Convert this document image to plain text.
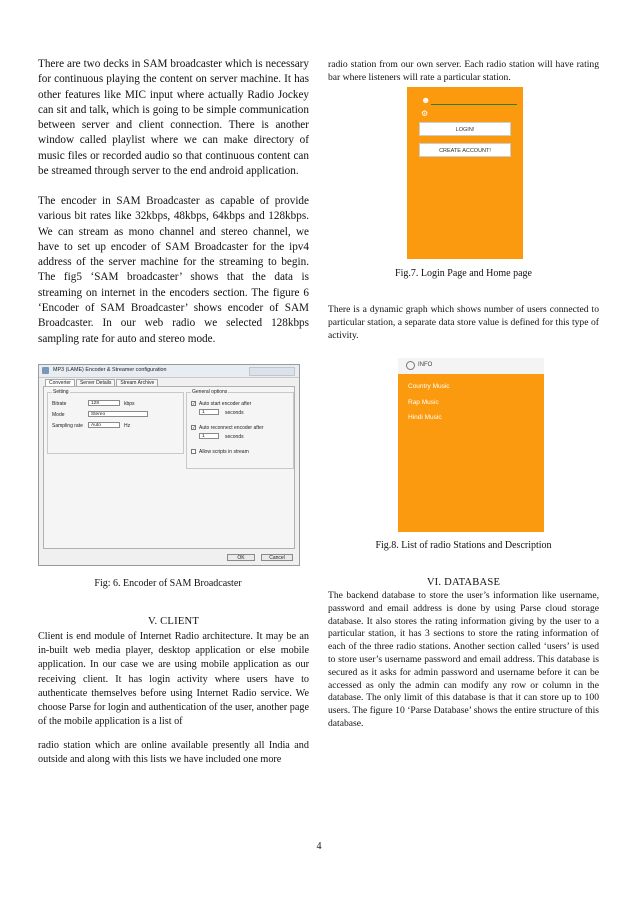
There are two decks in SAM broadcaster which is necessary for continuous playing the content on server machine. It has other features like MIC input where actually Radio Jockey can sit and talk, which is going to be simple communication between server and client connection. There is another window called playlist where we can make directory of music files or recorded audio so that continuous content can be streamed through server to the end android application.

The encoder in SAM Broadcaster as capable of provide various bit rates like 32kbps, 48kbps, 64kbps and 128kbps. We can stream as mono channel and stereo channel, we have to set up encoder of SAM Broadcaster for the ipv4 address of the server machine for the streaming to begin. The fig5 ‘SAM broadcaster’ shows that the data is streaming on internet in the encoders section. The figure 6 ‘Encoder of SAM Broadcaster’ shows encoder of SAM Broadcaster. In our web radio we selected 128kbps sampling rate for auto and stereo mode.

MP3 (LAME) Encoder & Streamer configuration
Converter	Server Details	Stream Archive
Setting
Bitrate	128	kbps
Mode	Stereo
Sampling rate	Auto	Hz
General options
✓ Auto start encoder after
1	seconds
✓ Auto reconnect encoder after
1	seconds
Allow scripts in stream
OK	Cancel
Fig: 6. Encoder of SAM Broadcaster
V. CLIENT

Client is end module of Internet Radio architecture. It may be an in-built web media player, desktop application or else mobile application. In our case we are using mobile application as our receiving client. It has login activity where users have to authenticate themselves before using Internet Radio service. We choose Parse for login and authentication of the user, another page of the mobile application is a list of

radio station which are online available presently all India and outside and along with this lists we have included one more

radio station from our own server. Each radio station will have rating bar where listeners will rate a particular station.

☻
⚙
LOGIN!
CREATE ACCOUNT!
Fig.7. Login Page and Home page

There is a dynamic graph which shows number of users connected to particular station, a separate data store value is defined for this type of activity.

INFO
Country Music
Rap Music
Hindi Music
Fig.8. List of radio Stations and Description
VI. DATABASE

The backend database to store the user’s information like username, password and email address is done by using Parse cloud storage database. It also stores the rating information giving by the user to a particular station, it has 3 sections to store the rating information of each of the three radio stations. Another section called ‘users’ is used to store user’s username password and email address. This database is secured as it asks for admin password and username before it can be accessed as only the admin can modify any row or column in the database. The only limit of this database is that it can store up to 100 users. The figure 10 ‘Parse Database’ shows the entire structure of this database.

4
